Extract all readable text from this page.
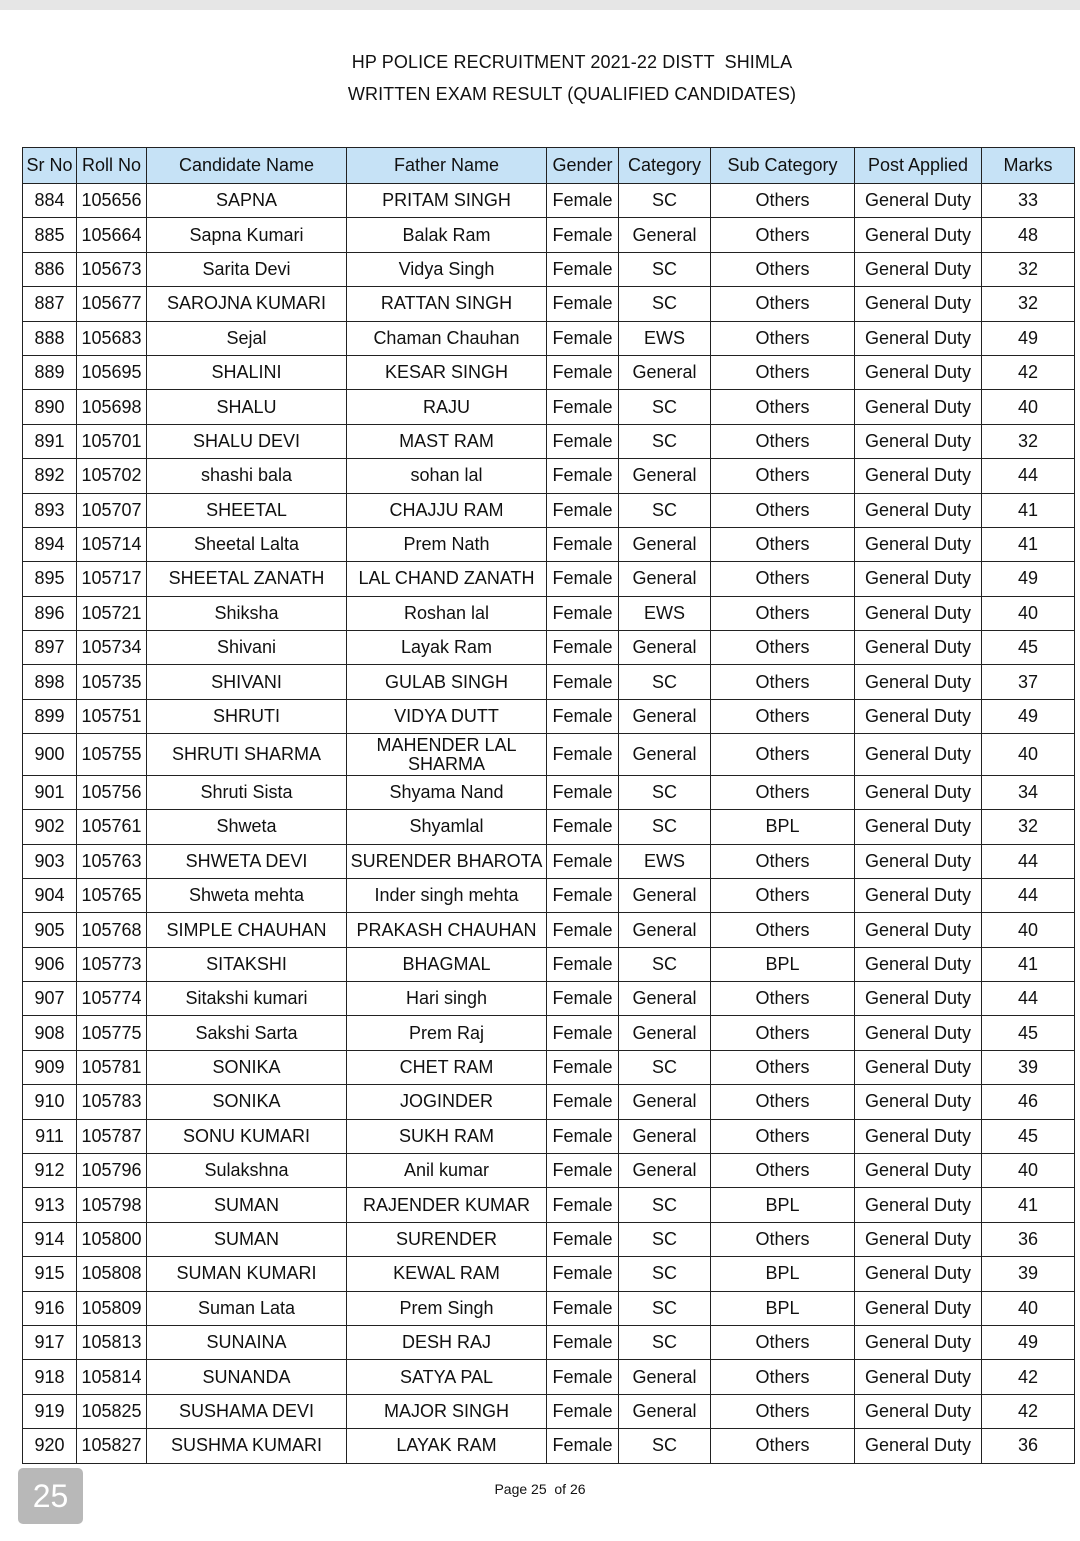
HP POLICE RECRUITMENT 2021-22 DISTT  SHIMLA
WRITTEN EXAM RESULT (QUALIFIED CANDIDATES)
Sr No	Roll No	Candidate Name	Father Name	Gender	Category	Sub Category	Post Applied	Marks
884	105656	SAPNA	PRITAM SINGH	Female	SC	Others	General Duty	33
885	105664	Sapna Kumari	Balak Ram	Female	General	Others	General Duty	48
886	105673	Sarita Devi	Vidya Singh	Female	SC	Others	General Duty	32
887	105677	SAROJNA KUMARI	RATTAN SINGH	Female	SC	Others	General Duty	32
888	105683	Sejal	Chaman Chauhan	Female	EWS	Others	General Duty	49
889	105695	SHALINI	KESAR SINGH	Female	General	Others	General Duty	42
890	105698	SHALU	RAJU	Female	SC	Others	General Duty	40
891	105701	SHALU DEVI	MAST RAM	Female	SC	Others	General Duty	32
892	105702	shashi bala	sohan lal	Female	General	Others	General Duty	44
893	105707	SHEETAL	CHAJJU RAM	Female	SC	Others	General Duty	41
894	105714	Sheetal Lalta	Prem Nath	Female	General	Others	General Duty	41
895	105717	SHEETAL ZANATH	LAL CHAND ZANATH	Female	General	Others	General Duty	49
896	105721	Shiksha	Roshan lal	Female	EWS	Others	General Duty	40
897	105734	Shivani	Layak Ram	Female	General	Others	General Duty	45
898	105735	SHIVANI	GULAB SINGH	Female	SC	Others	General Duty	37
899	105751	SHRUTI	VIDYA DUTT	Female	General	Others	General Duty	49
900	105755	SHRUTI SHARMA	MAHENDER LAL SHARMA	Female	General	Others	General Duty	40
901	105756	Shruti Sista	Shyama Nand	Female	SC	Others	General Duty	34
902	105761	Shweta	Shyamlal	Female	SC	BPL	General Duty	32
903	105763	SHWETA DEVI	SURENDER BHAROTA	Female	EWS	Others	General Duty	44
904	105765	Shweta mehta	Inder singh mehta	Female	General	Others	General Duty	44
905	105768	SIMPLE CHAUHAN	PRAKASH CHAUHAN	Female	General	Others	General Duty	40
906	105773	SITAKSHI	BHAGMAL	Female	SC	BPL	General Duty	41
907	105774	Sitakshi kumari	Hari singh	Female	General	Others	General Duty	44
908	105775	Sakshi Sarta	Prem Raj	Female	General	Others	General Duty	45
909	105781	SONIKA	CHET RAM	Female	SC	Others	General Duty	39
910	105783	SONIKA	JOGINDER	Female	General	Others	General Duty	46
911	105787	SONU KUMARI	SUKH RAM	Female	General	Others	General Duty	45
912	105796	Sulakshna	Anil kumar	Female	General	Others	General Duty	40
913	105798	SUMAN	RAJENDER KUMAR	Female	SC	BPL	General Duty	41
914	105800	SUMAN	SURENDER	Female	SC	Others	General Duty	36
915	105808	SUMAN KUMARI	KEWAL RAM	Female	SC	BPL	General Duty	39
916	105809	Suman Lata	Prem Singh	Female	SC	BPL	General Duty	40
917	105813	SUNAINA	DESH RAJ	Female	SC	Others	General Duty	49
918	105814	SUNANDA	SATYA PAL	Female	General	Others	General Duty	42
919	105825	SUSHAMA DEVI	MAJOR SINGH	Female	General	Others	General Duty	42
920	105827	SUSHMA KUMARI	LAYAK RAM	Female	SC	Others	General Duty	36
25	Page 25  of 26
